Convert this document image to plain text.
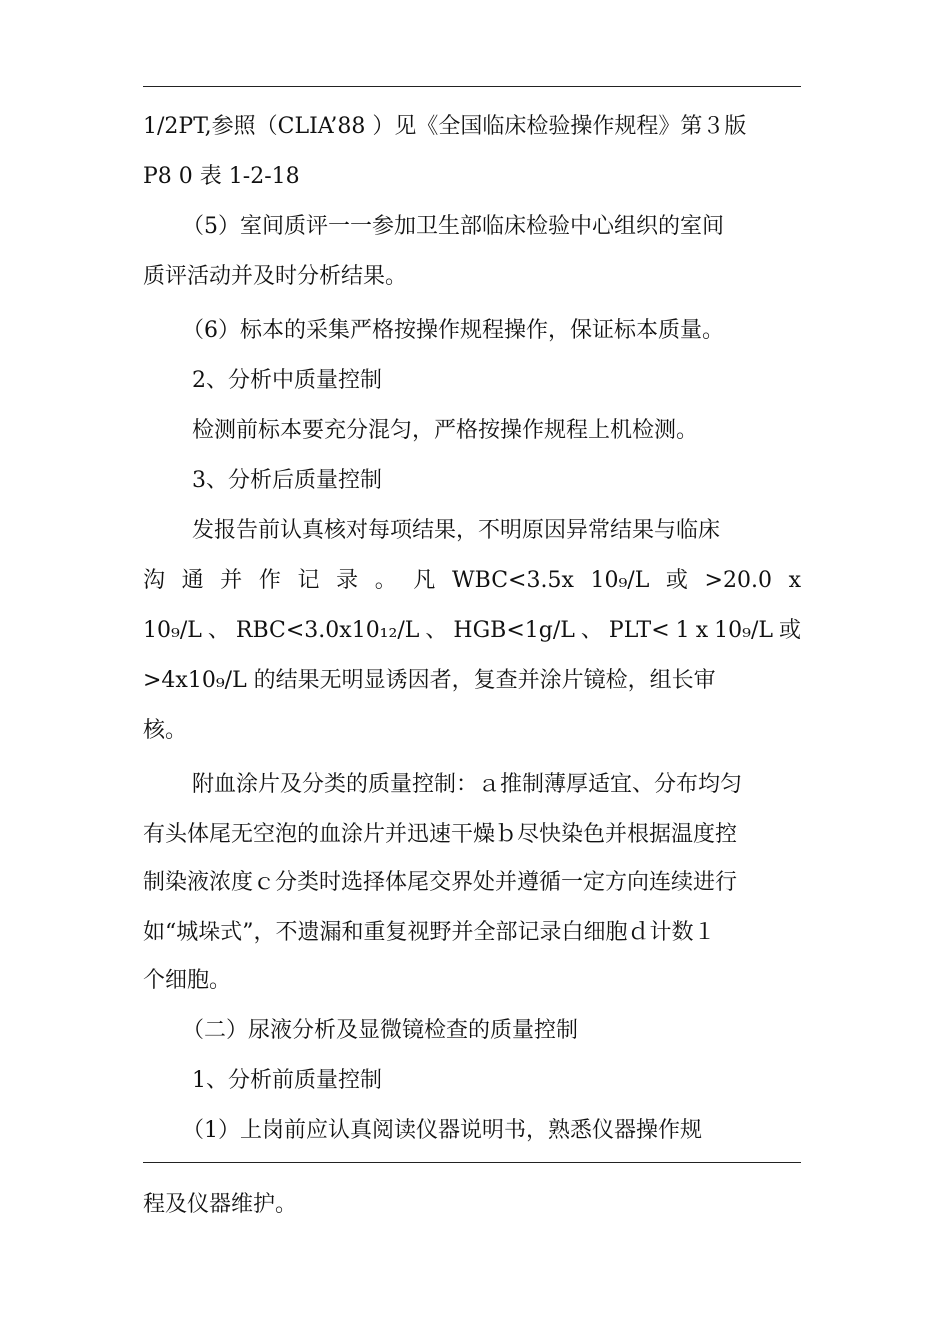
1/2PT,参照（CLIA’88 ）见《全国临床检验操作规程》第３版
P8 0 表 1-2-18
（5）室间质评一一参加卫生部临床检验中心组织的室间
质评活动并及时分析结果。
（6）标本的采集严格按操作规程操作，保证标本质量。
2、分析中质量控制
检测前标本要充分混匀，严格按操作规程上机检测。
3、分析后质量控制
发报告前认真核对每项结果，不明原因异常结果与临床
沟 通 并 作 记 录 。 凡 WBC<3.5x 10₉/L 或 >20.0 x
10₉/L 、 RBC<3.0x10₁₂/L 、 HGB<1g/L 、 PLT< 1 x 10₉/L 或
>4x10₉/L 的结果无明显诱因者，复查并涂片镜检，组长审
核。
附血涂片及分类的质量控制：ａ推制薄厚适宜、分布均匀
有头体尾无空泡的血涂片并迅速干燥ｂ尽快染色并根据温度控
制染液浓度ｃ分类时选择体尾交界处并遵循一定方向连续进行
如“城垛式”，不遗漏和重复视野并全部记录白细胞ｄ计数１
个细胞。
（二）尿液分析及显微镜检查的质量控制
1、分析前质量控制
（1）上岗前应认真阅读仪器说明书，熟悉仪器操作规
程及仪器维护。
